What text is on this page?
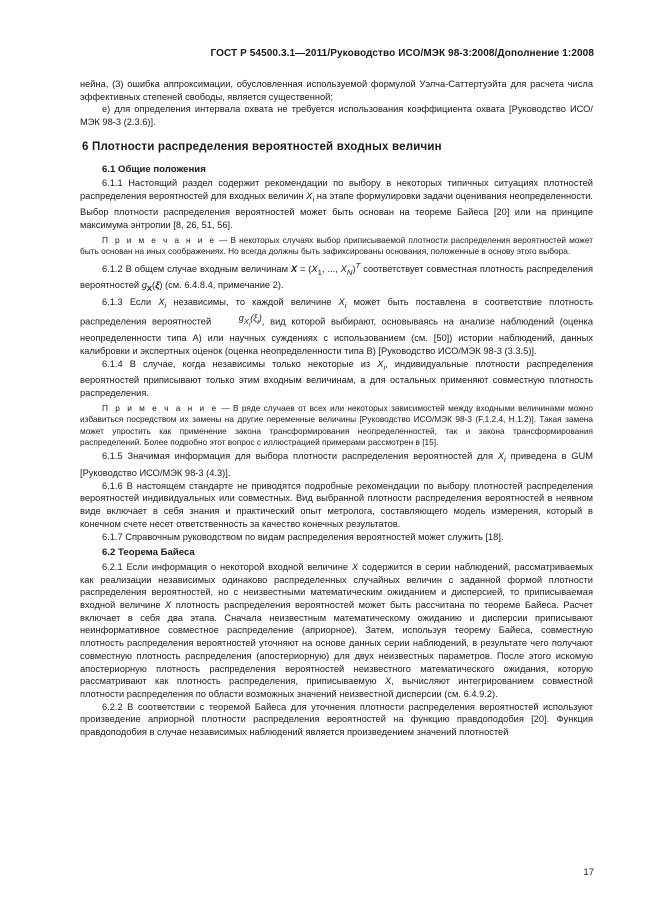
ГОСТ Р 54500.3.1—2011/Руководство ИСО/МЭК 98-3:2008/Дополнение 1:2008

нейна, (3) ошибка аппроксимации, обусловленная используемой формулой Уэлча-Саттертуэйта для расчета числа эффективных степеней свободы, является существенной;

е) для определения интервала охвата не требуется использования коэффициента охвата [Руководство ИСО/МЭК 98-3 (2.3.6)].

6 Плотности распределения вероятностей входных величин
6.1 Общие положения

6.1.1 Настоящий раздел содержит рекомендации по выбору в некоторых типичных ситуациях плотностей распределения вероятностей для входных величин $X_i$ на этапе формулировки задачи оценивания неопределенности. Выбор плотности распределения вероятностей может быть основан на теореме Байеса [20] или на принципе максимума энтропии [8, 26, 51, 56].

П р и м е ч а н и е — В некоторых случаях выбор приписываемой плотности распределения вероятностей может быть основан на иных соображениях. Но всегда должны быть зафиксированы основания, положенные в основу этого выбора.

6.1.2 В общем случае входным величинам $X = (X_1$, ..., $X_N)^T$ соответствует совместная плотность распределения вероятностей $g_X(\xi)$ (см. 6.4.8.4, примечание 2).

6.1.3 Если $X_i$ независимы, то каждой величине $X_i$ может быть поставлена в соответствие плотность распределения вероятностей $g_{X_i}(\xi_i)$, вид которой выбирают, основываясь на анализе наблюдений (оценка неопределенности типа А) или научных суждениях с использованием (см. [50]) истории наблюдений, данных калибровки и экспертных оценок (оценка неопределенности типа В) [Руководство ИСО/МЭК 98-3 (3.3.5)].

6.1.4 В случае, когда независимы только некоторые из $X_i$, индивидуальные плотности распределения вероятностей приписывают только этим входным величинам, а для остальных применяют совместную плотность распределения.

П р и м е ч а н и е — В ряде случаев от всех или некоторых зависимостей между входными величинами можно избавиться посредством их замены на другие переменные величины [Руководство ИСО/МЭК 98-3 (F.1.2.4, H.1.2)]. Такая замена может упростить как применение закона трансформирования неопределенностей, так и закона трансформирования распределений. Более подробно этот вопрос с иллюстрацией примерами рассмотрен в [15].

6.1.5 Значимая информация для выбора плотности распределения вероятностей для $X_i$ приведена в GUM [Руководство ИСО/МЭК 98-3 (4.3)].

6.1.6 В настоящем стандарте не приводятся подробные рекомендации по выбору плотностей распределения вероятностей индивидуальных или совместных. Вид выбранной плотности распределения вероятностей в неявном виде включает в себя знания и практический опыт метролога, составляющего модель измерения, который в конечном счете несет ответственность за качество конечных результатов.

6.1.7 Справочным руководством по видам распределения вероятностей может служить [18].

6.2 Теорема Байеса

6.2.1 Если информация о некоторой входной величине X содержится в серии наблюдений, рассматриваемых как реализации независимых одинаково распределенных случайных величин с заданной формой плотности распределения вероятностей, но с неизвестными математическим ожиданием и дисперсией, то приписываемая входной величине X плотность распределения вероятностей может быть рассчитана по теореме Байеса. Расчет включает в себя два этапа. Сначала неизвестным математическому ожиданию и дисперсии приписывают неинформативное совместное распределение (априорное). Затем, используя теорему Байеса, совместную плотность распределения вероятностей уточняют на основе данных серии наблюдений, в результате чего получают совместную плотность распределения (апостериорную) для двух неизвестных параметров. После этого искомую апостериорную плотность распределения вероятностей неизвестного математического ожидания, которую рассматривают как плотность распределения, приписываемую X, вычисляют интегрированием совместной плотности распределения по области возможных значений неизвестной дисперсии (см. 6.4.9.2).

6.2.2 В соответствии с теоремой Байеса для уточнения плотности распределения вероятностей используют произведение априорной плотности распределения вероятностей на функцию правдоподобия [20]. Функция правдоподобия в случае независимых наблюдений является произведением значений плотностей

17
